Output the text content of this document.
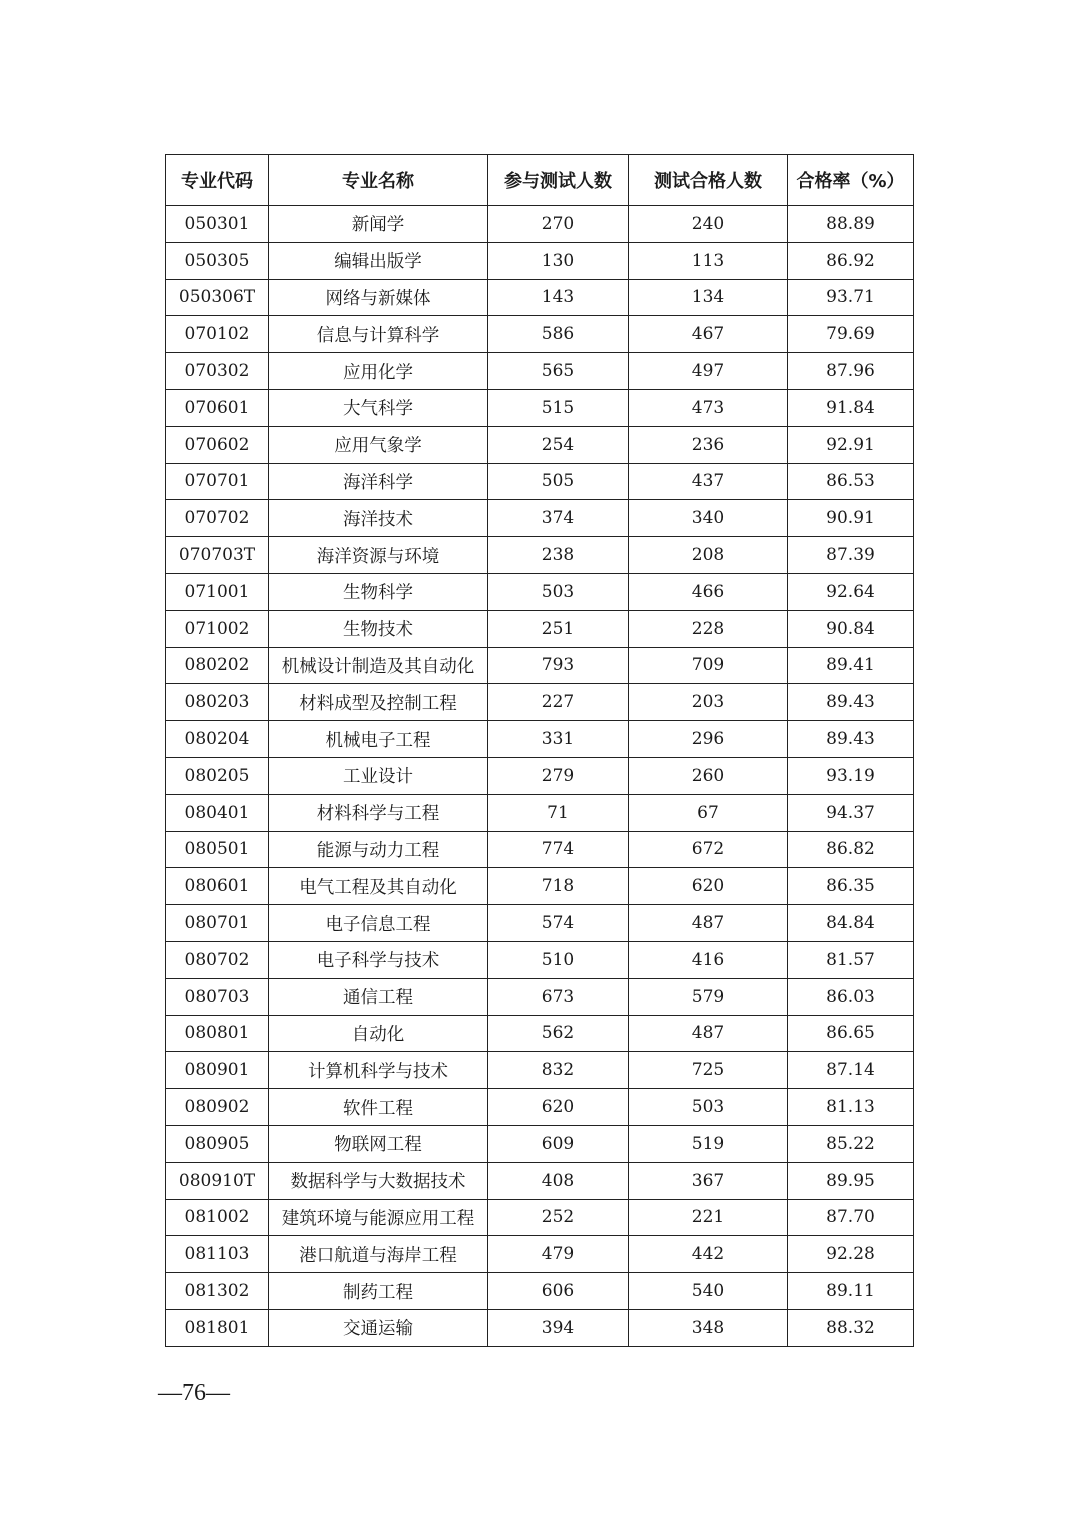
专业代码	专业名称	参与测试人数	测试合格人数	合格率（%）
050301	新闻学	270	240	88.89
050305	编辑出版学	130	113	86.92
050306T	网络与新媒体	143	134	93.71
070102	信息与计算科学	586	467	79.69
070302	应用化学	565	497	87.96
070601	大气科学	515	473	91.84
070602	应用气象学	254	236	92.91
070701	海洋科学	505	437	86.53
070702	海洋技术	374	340	90.91
070703T	海洋资源与环境	238	208	87.39
071001	生物科学	503	466	92.64
071002	生物技术	251	228	90.84
080202	机械设计制造及其自动化	793	709	89.41
080203	材料成型及控制工程	227	203	89.43
080204	机械电子工程	331	296	89.43
080205	工业设计	279	260	93.19
080401	材料科学与工程	71	67	94.37
080501	能源与动力工程	774	672	86.82
080601	电气工程及其自动化	718	620	86.35
080701	电子信息工程	574	487	84.84
080702	电子科学与技术	510	416	81.57
080703	通信工程	673	579	86.03
080801	自动化	562	487	86.65
080901	计算机科学与技术	832	725	87.14
080902	软件工程	620	503	81.13
080905	物联网工程	609	519	85.22
080910T	数据科学与大数据技术	408	367	89.95
081002	建筑环境与能源应用工程	252	221	87.70
081103	港口航道与海岸工程	479	442	92.28
081302	制药工程	606	540	89.11
081801	交通运输	394	348	88.32
—76—
